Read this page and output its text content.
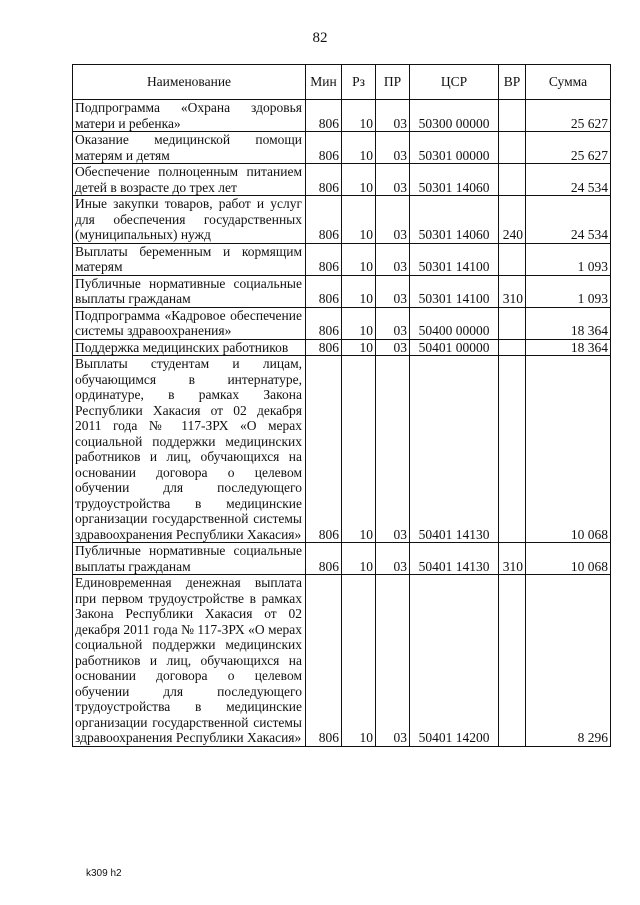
82
Наименование	Мин	Рз	ПР	ЦСР	ВР	Сумма
Подпрограмма «Охрана здоровья матери и ребенка»	806	10	03	50300 00000		25 627
Оказание медицинской помощи матерям и детям	806	10	03	50301 00000		25 627
Обеспечение полноценным питанием детей в возрасте до трех лет	806	10	03	50301 14060		24 534
Иные закупки товаров, работ и услуг для обеспечения государственных (муниципальных) нужд	806	10	03	50301 14060	240	24 534
Выплаты беременным и кормящим матерям	806	10	03	50301 14100		1 093
Публичные нормативные социальные выплаты гражданам	806	10	03	50301 14100	310	1 093
Подпрограмма «Кадровое обеспечение системы здравоохранения»	806	10	03	50400 00000		18 364
Поддержка медицинских работников	806	10	03	50401 00000		18 364
Выплаты студентам и лицам, обучающимся в интернатуре, ординатуре, в рамках Закона Республики Хакасия от 02 декабря 2011 года № 117-ЗРХ «О мерах социальной поддержки медицинских работников и лиц, обучающихся на основании договора о целевом обучении для последующего трудоустройства в медицинские организации государственной системы здравоохранения Республики Хакасия»	806	10	03	50401 14130		10 068
Публичные нормативные социальные выплаты гражданам	806	10	03	50401 14130	310	10 068
Единовременная денежная выплата при первом трудоустройстве в рамках Закона Республики Хакасия от 02 декабря 2011 года № 117-ЗРХ «О мерах социальной поддержки медицинских работников и лиц, обучающихся на основании договора о целевом обучении для последующего трудоустройства в медицинские организации государственной системы здравоохранения Республики Хакасия»	806	10	03	50401 14200		8 296
k309 h2
